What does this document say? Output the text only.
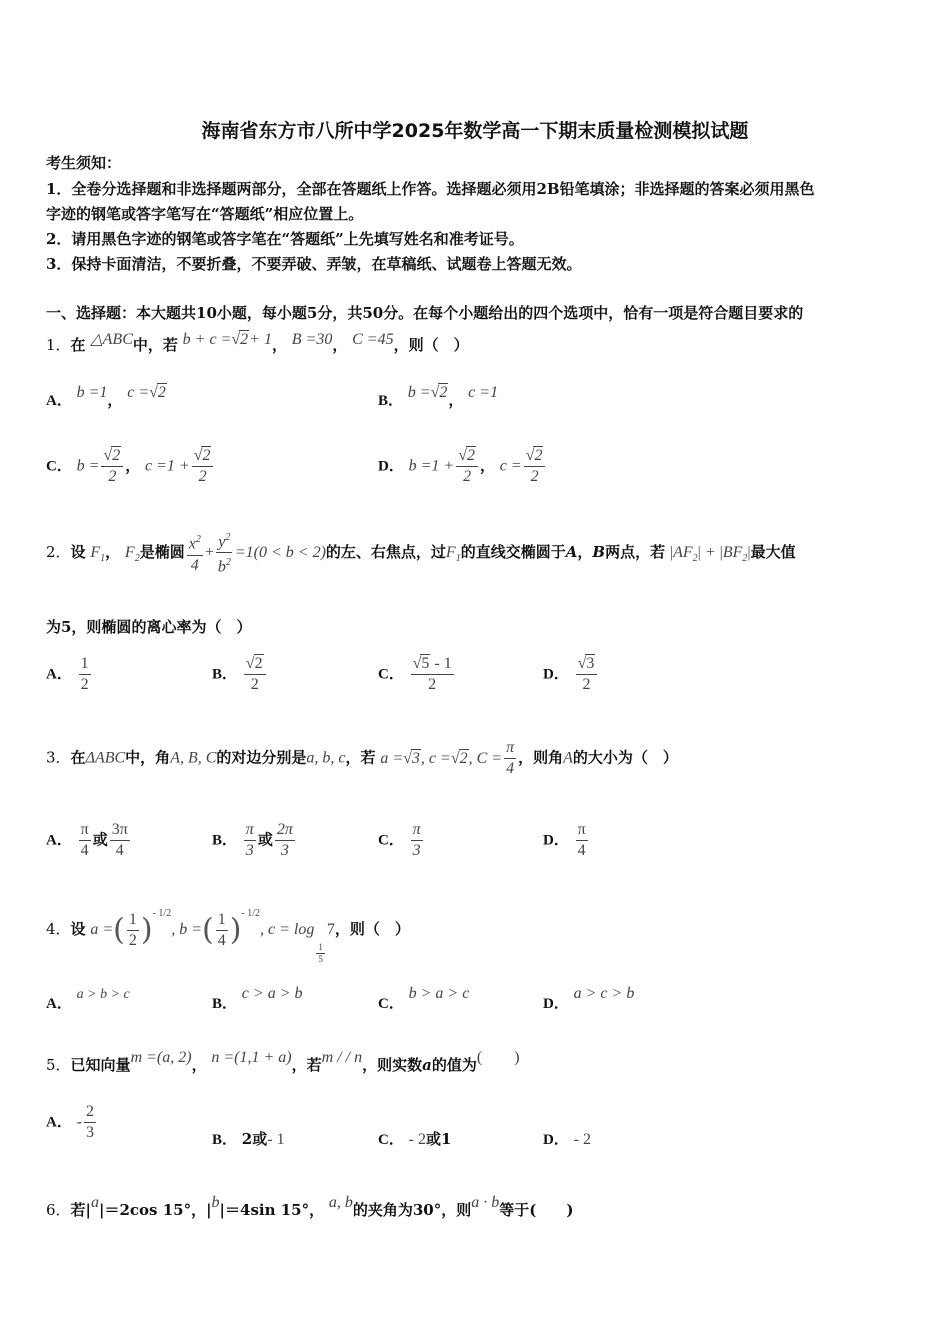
海南省东方市八所中学2025年数学高一下期末质量检测模拟试题
考生须知：
1．全卷分选择题和非选择题两部分，全部在答题纸上作答。选择题必须用2B铅笔填涂；非选择题的答案必须用黑色
字迹的钢笔或答字笔写在“答题纸”相应位置上。
2．请用黑色字迹的钢笔或答字笔在“答题纸”上先填写姓名和准考证号。
3．保持卡面清洁，不要折叠，不要弄破、弄皱，在草稿纸、试题卷上答题无效。
一、选择题：本大题共10小题，每小题5分，共50分。在每个小题给出的四个选项中，恰有一项是符合题目要求的
1．在 △ABC中，若 b + c =√2+ 1， B =30， C =45，则（　）
A． b =1， c =√2	B． b =√2， c =1
C． $b = \frac{√2}{2}$ ， $c =1 + \frac{√2}{2}$	D． $b =1 + \frac{√2}{2}$ ， $c = \frac{√2}{2}$
2．设 $F_1$， $F_2$是椭圆 $\frac{x^2}{4} + \frac{y^2}{b^2} =1(0 < b < 2)$的左、右焦点，过$F_1$的直线交椭圆于A，B两点，若 $|AF_2| + |BF_2|$最大值
为5，则椭圆的离心率为（　）
A． $\frac{1}{2}$	B． $\frac{√2}{2}$	C． $\frac{√5 - 1}{2}$	D． $\frac{√3}{2}$
3．在ΔABC中，角A, B, C的对边分别是a, b, c，若 a =√3, c =√2, $C = \frac{\pi}{4}$ ，则角A的大小为（　）
A． $\frac{\pi}{4}$ 或 $\frac{3\pi}{4}$	B． $\frac{\pi}{3}$ 或 $\frac{2\pi}{3}$	C． $\frac{\pi}{3}$	D． $\frac{\pi}{4}$
4．设 a =( $\frac{1}{2} )^{- 1/2}$, b =( $\frac{1}{4} )^{- 1/2}$, c = log
$\frac{1}{5}$
7，则（　）
A． a > b > c
B． c > a > b
C． b > a > c
D． a > c > b
5．已知向量m =(a, 2)， n =(1,1 + a)，若m / / n，则实数a的值为(　　)
A． - $\frac{2}{3}$	B． 2或- 1	C． - 2或1	D． - 2
6．若|a|＝2cos 15°，|b|＝4sin 15°， a, b的夹角为30°，则a · b等于(　　)
